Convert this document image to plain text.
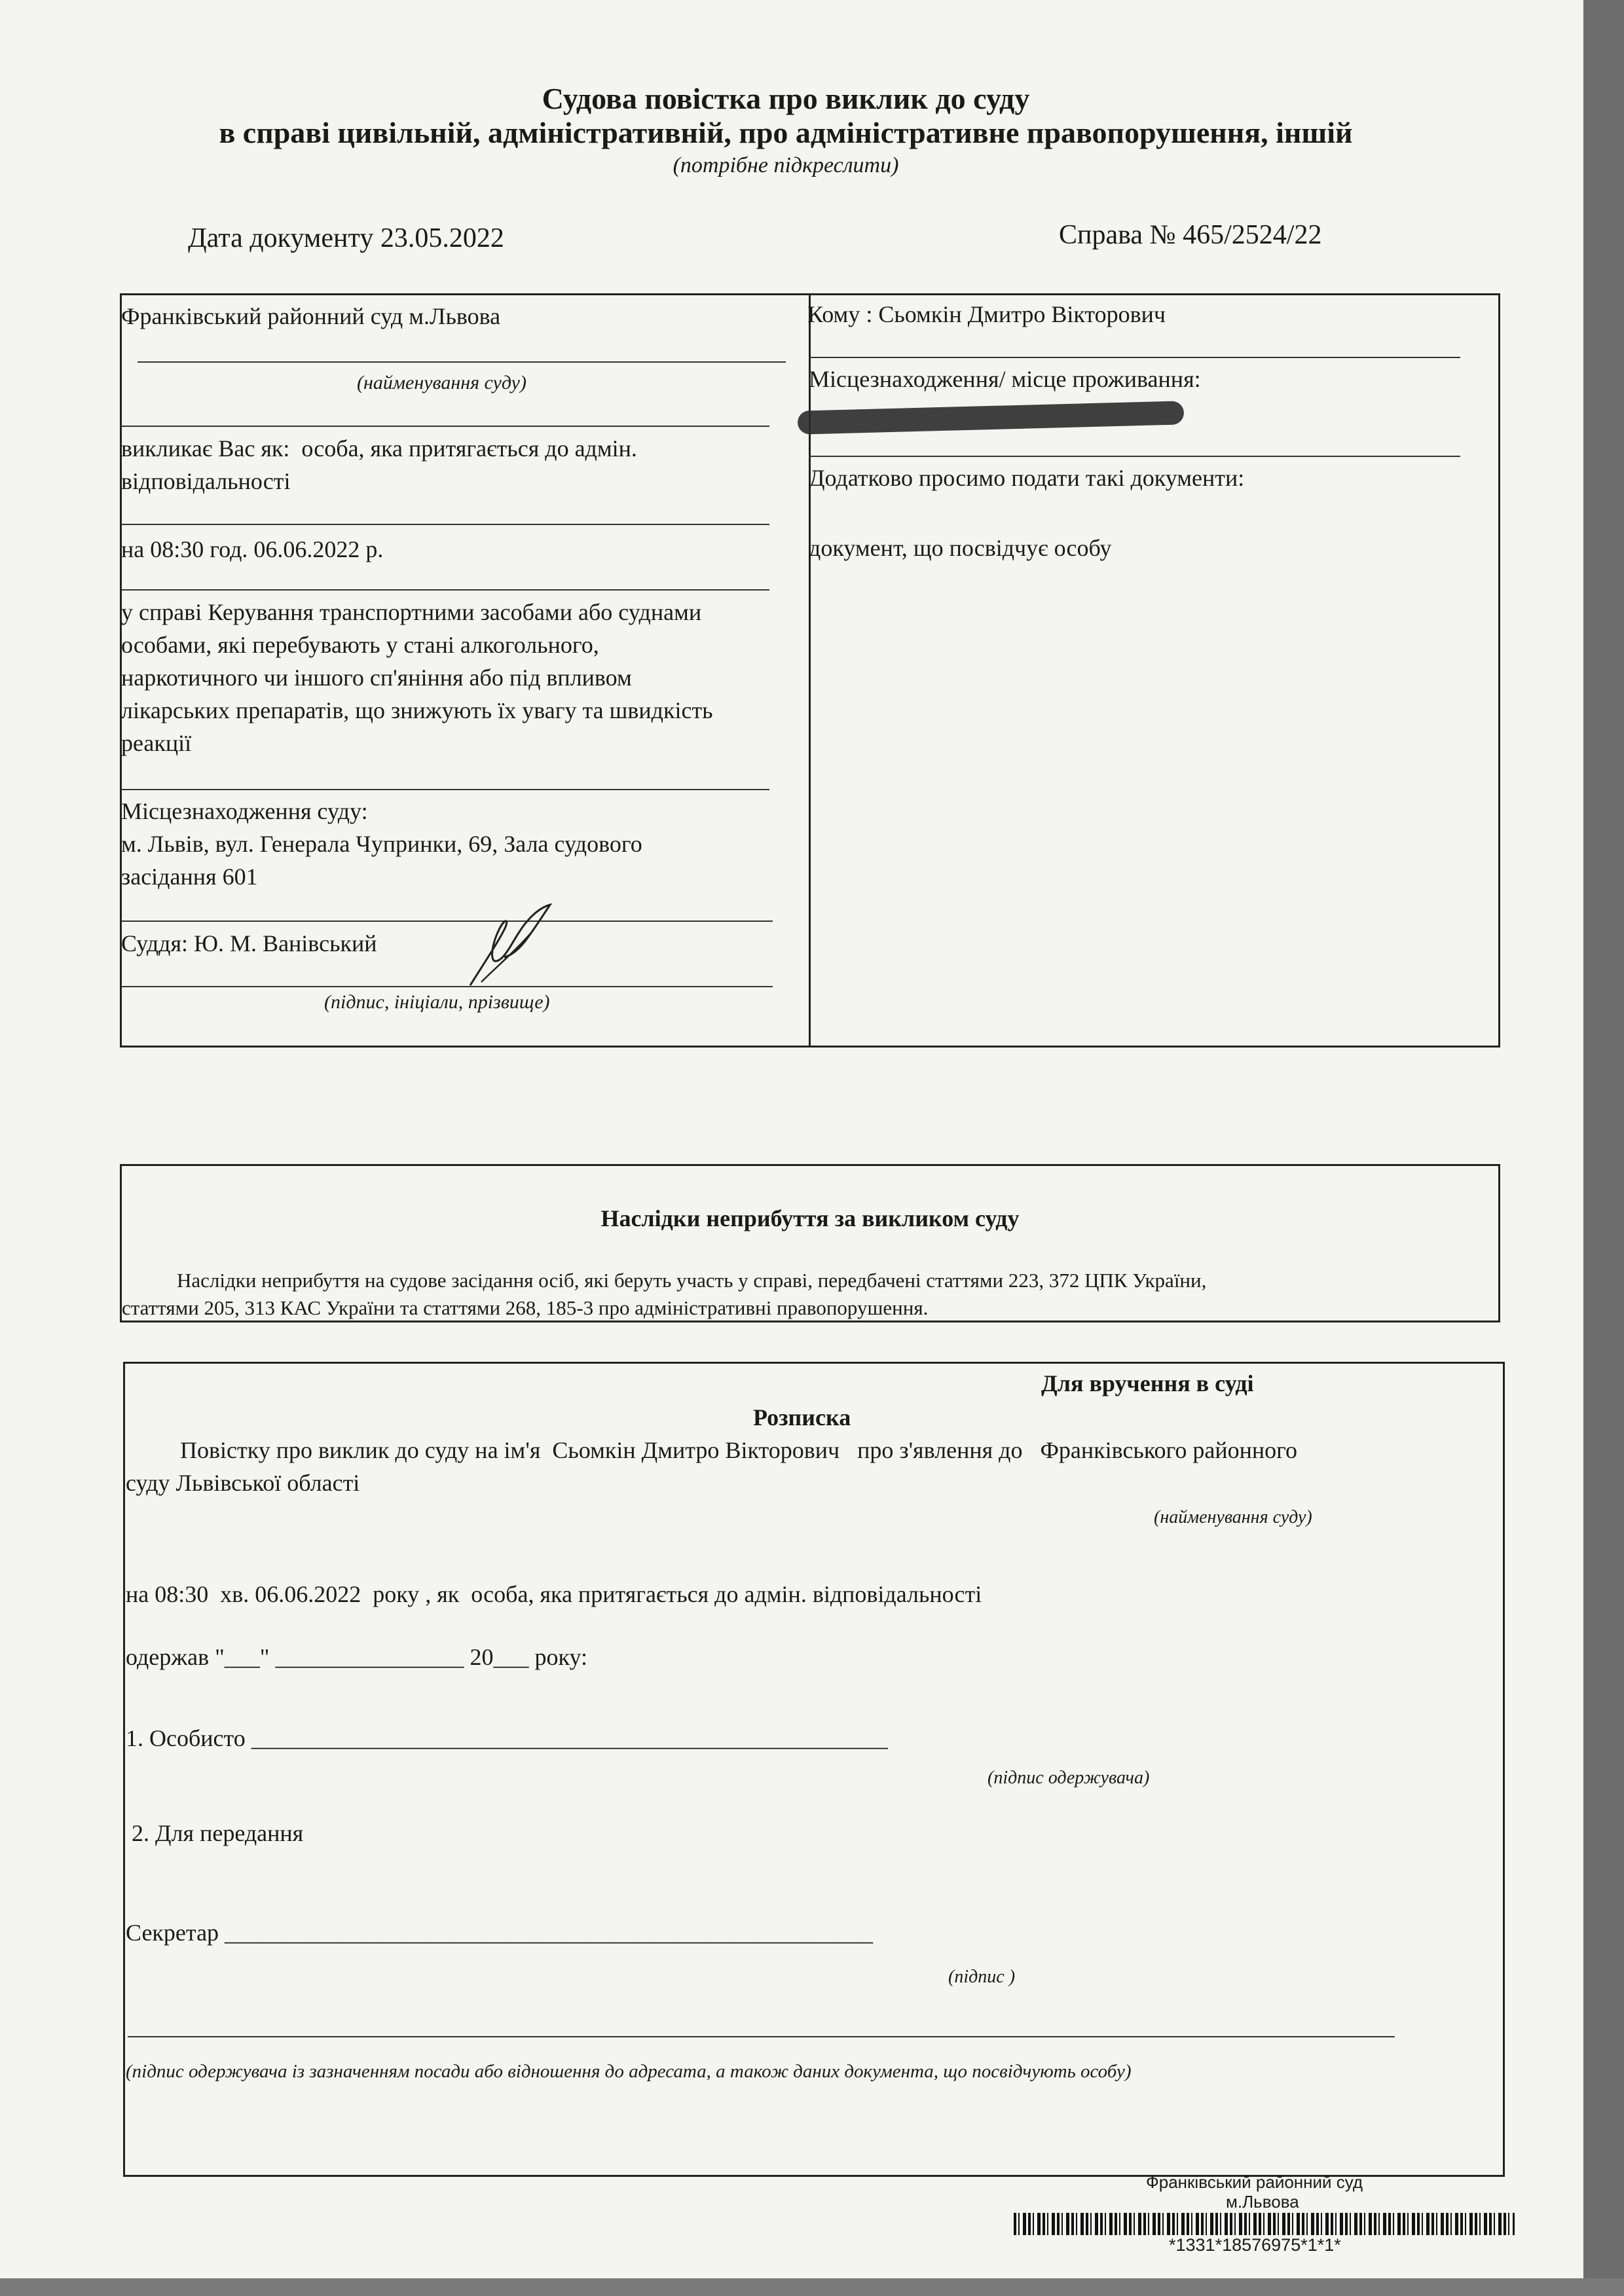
Судова повістка про виклик до суду
в справі цивільній, адміністративній, про адміністративне правопорушення, іншій
(потрібне підкреслити)
Дата документу 23.05.2022	Справа № 465/2524/22
Франківський районний суд м.Львова
(найменування суду)
викликає Вас як:  особа, яка притягається до адмін.
відповідальності
на 08:30 год. 06.06.2022 р.
у справі Керування транспортними засобами або суднами
особами, які перебувають у стані алкогольного,
наркотичного чи іншого сп'яніння або під впливом
лікарських препаратів, що знижують їх увагу та швидкість
реакції
Місцезнаходження суду:
м. Львів, вул. Генерала Чупринки, 69, Зала судового
засідання 601
Суддя: Ю. М. Ванівський
(підпис, ініціали, прізвище)
Кому : Сьомкін Дмитро Вікторович
Місцезнаходження/ місце проживання:
Додатково просимо подати такі документи:
документ, що посвідчує особу
Наслідки неприбуття за викликом суду
Наслідки неприбуття на судове засідання осіб, які беруть участь у справі, передбачені статтями 223, 372 ЦПК України,
статтями 205, 313 КАС України та статтями 268, 185-3 про адміністративні правопорушення.
Для вручення в суді
Розписка
Повістку про виклик до суду на ім'я  Сьомкін Дмитро Вікторович   про з'явлення до   Франківського районного
суду Львівської області
(найменування суду)
на 08:30  хв. 06.06.2022  року , як  особа, яка притягається до адмін. відповідальності
одержав "___" ________________ 20___ року:
1. Особисто ______________________________________________________
(підпис одержувача)
2. Для передання
Секретар _______________________________________________________
(підпис )
(підпис одержувача із зазначенням посади або відношення до адресата, а також даних документа, що посвідчують особу)
Франківський районний суд
м.Львова
*1331*18576975*1*1*
